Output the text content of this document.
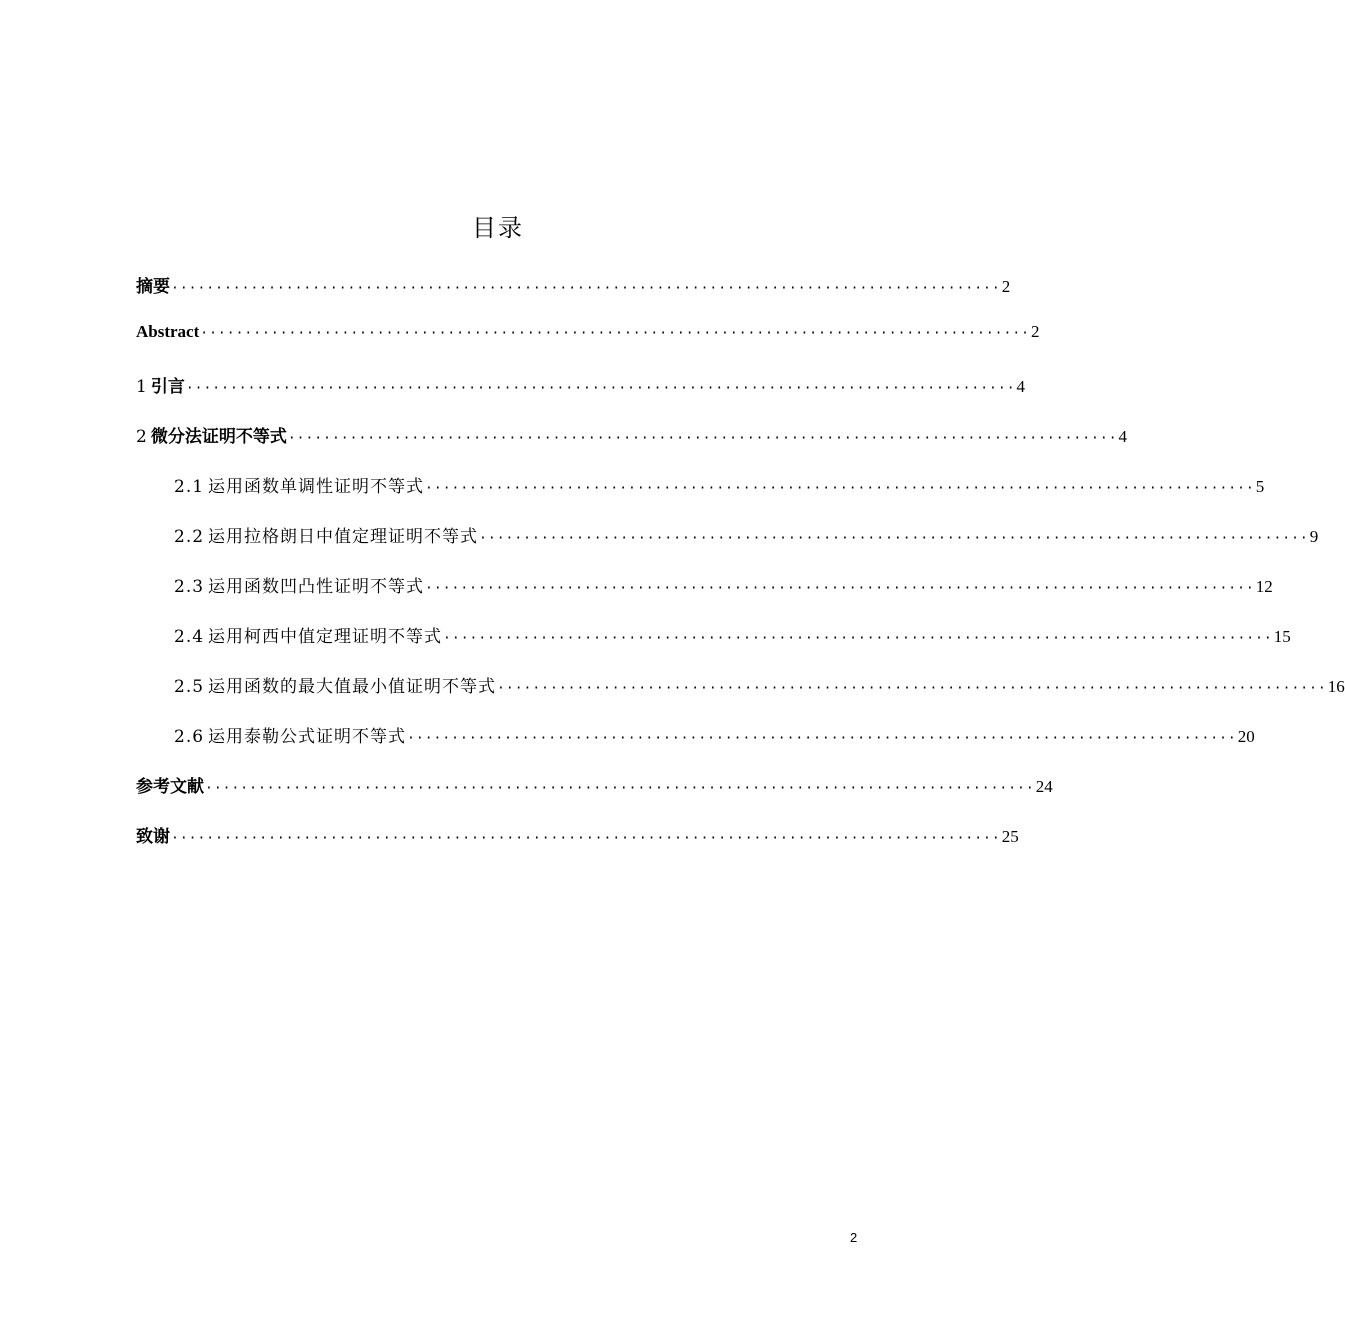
目录
摘要 ······························································································ 2
Abstract ······························································································ 2
1 引言 ······························································································ 4
2 微分法证明不等式 ······························································································ 4
2.1 运用函数单调性证明不等式 ······························································································ 5
2.2 运用拉格朗日中值定理证明不等式 ······························································································ 9
2.3 运用函数凹凸性证明不等式 ······························································································ 12
2.4 运用柯西中值定理证明不等式 ······························································································ 15
2.5 运用函数的最大值最小值证明不等式 ······························································································ 16
2.6 运用泰勒公式证明不等式 ······························································································ 20
参考文献 ······························································································ 24
致谢 ······························································································ 25
2
